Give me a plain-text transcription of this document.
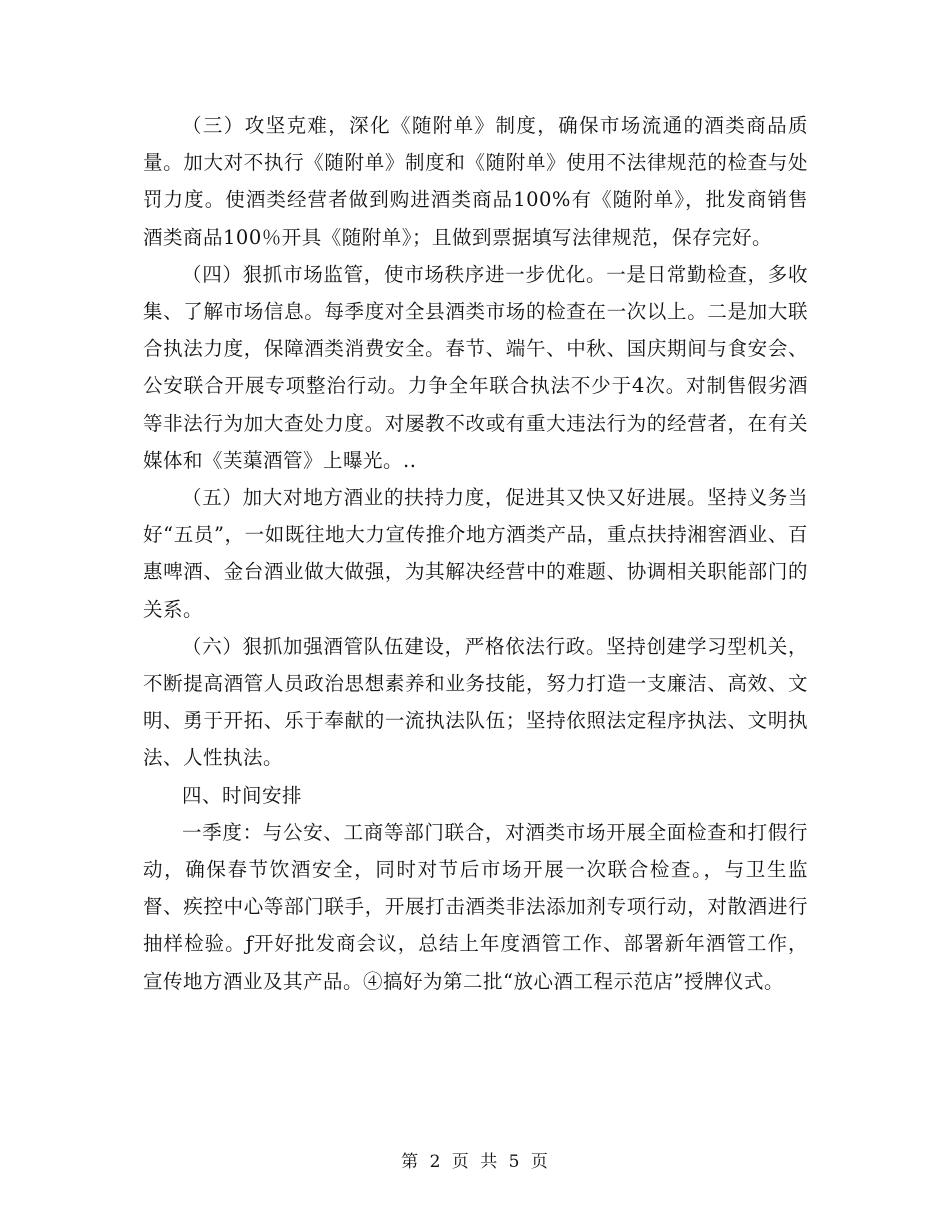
（三）攻坚克难，深化《随附单》制度，确保市场流通的酒类商品质量。加大对不执行《随附单》制度和《随附单》使用不法律规范的检查与处罚力度。使酒类经营者做到购进酒类商品100%有《随附单》，批发商销售酒类商品100％开具《随附单》；且做到票据填写法律规范，保存完好。

（四）狠抓市场监管，使市场秩序进一步优化。一是日常勤检查，多收集、了解市场信息。每季度对全县酒类市场的检查在一次以上。二是加大联合执法力度，保障酒类消费安全。春节、端午、中秋、国庆期间与食安会、公安联合开展专项整治行动。力争全年联合执法不少于4次。对制售假劣酒等非法行为加大查处力度。对屡教不改或有重大违法行为的经营者，在有关媒体和《芙蕖酒管》上曝光。..

（五）加大对地方酒业的扶持力度，促进其又快又好进展。坚持义务当好“五员”，一如既往地大力宣传推介地方酒类产品，重点扶持湘窖酒业、百惠啤酒、金台酒业做大做强，为其解决经营中的难题、协调相关职能部门的关系。

（六）狠抓加强酒管队伍建设，严格依法行政。坚持创建学习型机关，不断提高酒管人员政治思想素养和业务技能，努力打造一支廉洁、高效、文明、勇于开拓、乐于奉献的一流执法队伍；坚持依照法定程序执法、文明执法、人性执法。

四、时间安排

一季度：与公安、工商等部门联合，对酒类市场开展全面检查和打假行动，确保春节饮酒安全，同时对节后市场开展一次联合检查。，与卫生监督、疾控中心等部门联手，开展打击酒类非法添加剂专项行动，对散酒进行抽样检验。ƒ开好批发商会议，总结上年度酒管工作、部署新年酒管工作，宣传地方酒业及其产品。④搞好为第二批“放心酒工程示范店”授牌仪式。

第 2 页 共 5 页
